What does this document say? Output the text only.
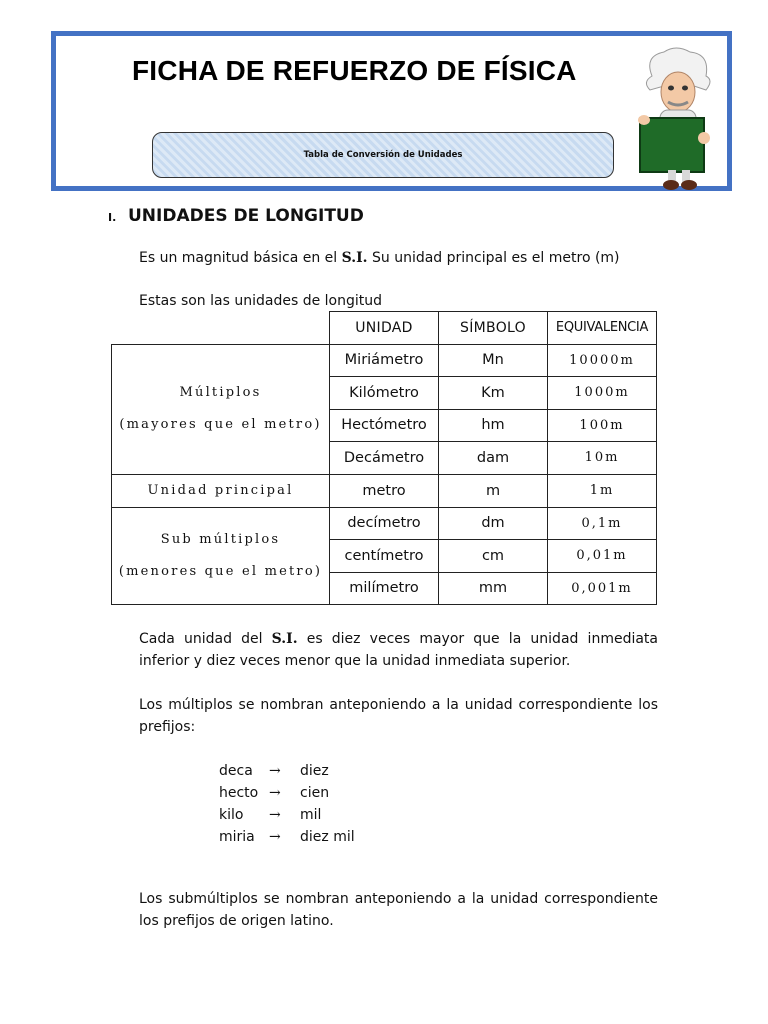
FICHA DE REFUERZO DE FÍSICA
Tabla de Conversión de Unidades
I. UNIDADES DE LONGITUD
Es un magnitud básica en el S.I. Su unidad principal es el metro (m)
Estas son las unidades de longitud
	UNIDAD	SÍMBOLO	EQUIVALENCIA

Múltiplos
(mayores que el metro)	Miriámetro	Mn	10000m
	Kilómetro	Km	1000m
	Hectómetro	hm	100m
	Decámetro	dam	10m
Unidad principal	metro	m	1m

Sub múltiplos
(menores que el metro)	decímetro	dm	0,1m
	centímetro	cm	0,01m
	milímetro	mm	0,001m
Cada unidad del S.I. es diez veces mayor que la unidad inmediata inferior y diez veces menor que la unidad inmediata superior.
Los múltiplos se nombran anteponiendo a la unidad correspondiente los prefijos:
deca	→	diez
hecto →	cien
kilo	→	mil
miria	→	diez mil
Los submúltiplos se nombran anteponiendo a la unidad correspondiente los prefijos de origen latino.
